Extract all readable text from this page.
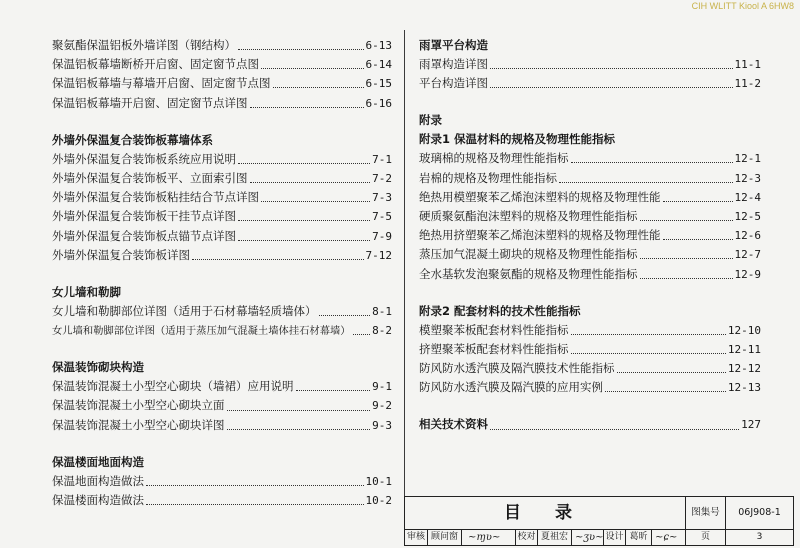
CIH WLITT Kiool A 6HW8
聚氨酯保温铝板外墙详图（钢结构）	6-13
保温铝板幕墙断桥开启窗、固定窗节点图	6-14
保温铝板幕墙与幕墙开启窗、固定窗节点图	6-15
保温铝板幕墙开启窗、固定窗节点详图	6-16
外墙外保温复合装饰板幕墙体系
外墙外保温复合装饰板系统应用说明	7-1
外墙外保温复合装饰板平、立面索引图	7-2
外墙外保温复合装饰板粘挂结合节点详图	7-3
外墙外保温复合装饰板干挂节点详图	7-5
外墙外保温复合装饰板点锚节点详图	7-9
外墙外保温复合装饰板详图	7-12
女儿墙和勒脚
女儿墙和勒脚部位详图（适用于石材幕墙轻质墙体）	8-1
女儿墙和勒脚部位详图（适用于蒸压加气混凝土墙体挂石材幕墙） 8-2
保温装饰砌块构造
保温装饰混凝土小型空心砌块（墙裙）应用说明	9-1
保温装饰混凝土小型空心砌块立面	9-2
保温装饰混凝土小型空心砌块详图	9-3
保温楼面地面构造
保温地面构造做法	10-1
保温楼面构造做法	10-2
雨罩平台构造
雨罩构造详图	11-1
平台构造详图	11-2
附录
附录1 保温材料的规格及物理性能指标
玻璃棉的规格及物理性能指标	12-1
岩棉的规格及物理性能指标	12-3
绝热用模塑聚苯乙烯泡沫塑料的规格及物理性能	12-4
硬质聚氨酯泡沫塑料的规格及物理性能指标	12-5
绝热用挤塑聚苯乙烯泡沫塑料的规格及物理性能	12-6
蒸压加气混凝土砌块的规格及物理性能指标	12-7
全水基软发泡聚氨酯的规格及物理性能指标	12-9
附录2 配套材料的技术性能指标
模塑聚苯板配套材料性能指标	12-10
挤塑聚苯板配套材料性能指标	12-11
防风防水透汽膜及隔汽膜技术性能指标	12-12
防风防水透汽膜及隔汽膜的应用实例	12-13
相关技术资料	127
目 录	图集号	06J908-1
审核 顾问窗	~ɱʋ~ 校对 夏祖宏 ~ʒʋ~ 设计 葛昕 ~ɕ~	页	3
